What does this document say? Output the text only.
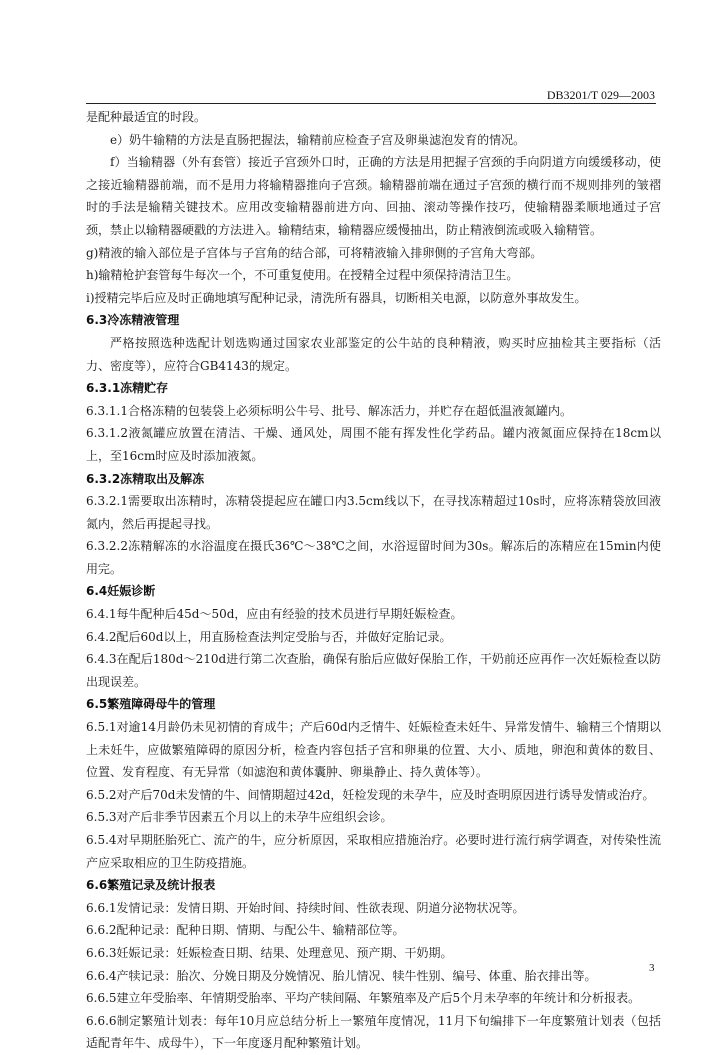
DB3201/T 029—2003

是配种最适宜的时段。

e）奶牛输精的方法是直肠把握法，输精前应检查子宫及卵巢滤泡发育的情况。

f）当输精器（外有套管）接近子宫颈外口时，正确的方法是用把握子宫颈的手向阴道方向缓缓移动，使之接近输精器前端，而不是用力将输精器推向子宫颈。输精器前端在通过子宫颈的横行而不规则排列的皱褶时的手法是输精关键技术。应用改变输精器前进方向、回抽、滚动等操作技巧，使输精器柔顺地通过子宫颈，禁止以输精器硬戳的方法进入。输精结束，输精器应缓慢抽出，防止精液倒流或吸入输精管。

g)精液的输入部位是子宫体与子宫角的结合部，可将精液输入排卵侧的子宫角大弯部。

h)输精枪护套管每牛每次一个，不可重复使用。在授精全过程中须保持清洁卫生。

i)授精完毕后应及时正确地填写配种记录，清洗所有器具，切断相关电源，以防意外事故发生。

6.3冷冻精液管理

严格按照选种选配计划选购通过国家农业部鉴定的公牛站的良种精液，购买时应抽检其主要指标（活力、密度等），应符合GB4143的规定。

6.3.1冻精贮存

6.3.1.1合格冻精的包装袋上必须标明公牛号、批号、解冻活力，并贮存在超低温液氮罐内。

6.3.1.2液氮罐应放置在清洁、干燥、通风处，周围不能有挥发性化学药品。罐内液氮面应保持在18cm以上，至16cm时应及时添加液氮。

6.3.2冻精取出及解冻

6.3.2.1需要取出冻精时，冻精袋提起应在罐口内3.5cm线以下，在寻找冻精超过10s时，应将冻精袋放回液氮内，然后再提起寻找。

6.3.2.2冻精解冻的水浴温度在摄氏36℃～38℃之间，水浴逗留时间为30s。解冻后的冻精应在15min内使用完。

6.4妊娠诊断

6.4.1每牛配种后45d～50d，应由有经验的技术员进行早期妊娠检查。

6.4.2配后60d以上，用直肠检查法判定受胎与否，并做好定胎记录。

6.4.3在配后180d～210d进行第二次查胎，确保有胎后应做好保胎工作，干奶前还应再作一次妊娠检查以防出现误差。

6.5繁殖障碍母牛的管理

6.5.1对逾14月龄仍未见初情的育成牛；产后60d内乏情牛、妊娠检查未妊牛、异常发情牛、输精三个情期以上未妊牛，应做繁殖障碍的原因分析，检查内容包括子宫和卵巢的位置、大小、质地，卵泡和黄体的数目、位置、发育程度、有无异常（如滤泡和黄体囊肿、卵巢静止、持久黄体等）。

6.5.2对产后70d未发情的牛、间情期超过42d，妊检发现的未孕牛，应及时查明原因进行诱导发情或治疗。

6.5.3对产后非季节因素五个月以上的未孕牛应组织会诊。

6.5.4对早期胚胎死亡、流产的牛，应分析原因，采取相应措施治疗。必要时进行流行病学调查，对传染性流产应采取相应的卫生防疫措施。

6.6繁殖记录及统计报表

6.6.1发情记录：发情日期、开始时间、持续时间、性欲表现、阴道分泌物状况等。

6.6.2配种记录：配种日期、情期、与配公牛、输精部位等。

6.6.3妊娠记录：妊娠检查日期、结果、处理意见、预产期、干奶期。

6.6.4产犊记录：胎次、分娩日期及分娩情况、胎儿情况、犊牛性别、编号、体重、胎衣排出等。

6.6.5建立年受胎率、年情期受胎率、平均产犊间隔、年繁殖率及产后5个月未孕率的年统计和分析报表。

6.6.6制定繁殖计划表：每年10月应总结分析上一繁殖年度情况，11月下旬编排下一年度繁殖计划表（包括适配青年牛、成母牛），下一年度逐月配种繁殖计划。

3
